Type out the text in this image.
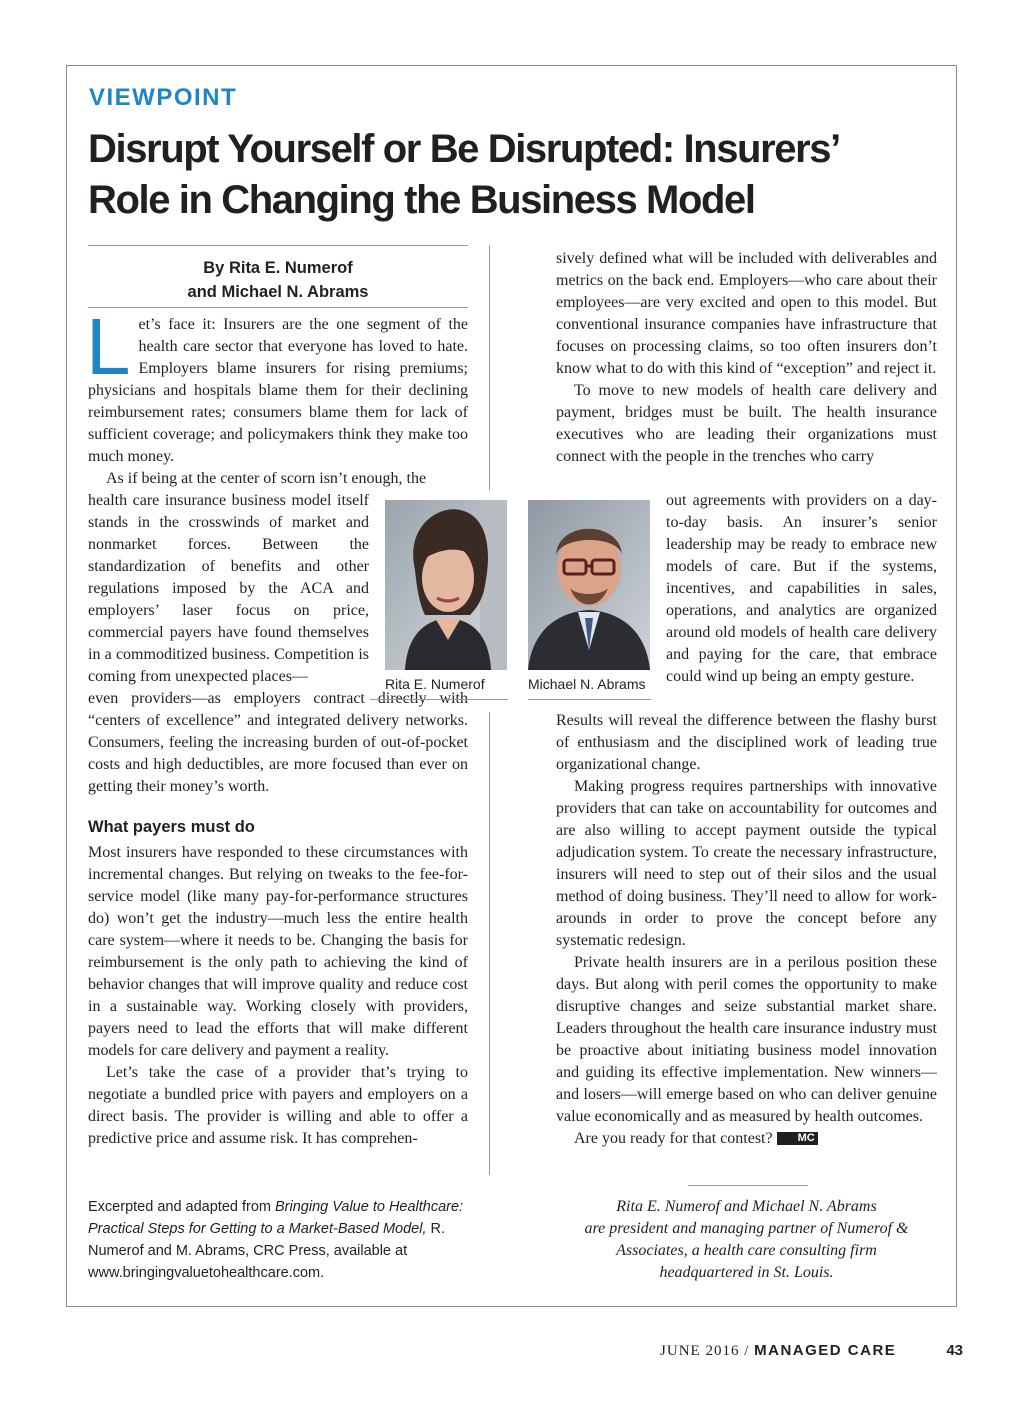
VIEWPOINT
Disrupt Yourself or Be Disrupted: Insurers’ Role in Changing the Business Model
By Rita E. Numerof
and Michael N. Abrams

Let’s face it: Insurers are the one segment of the health care sector that everyone has loved to hate. Employers blame insurers for rising premiums; physicians and hospitals blame them for their declining reimbursement rates; consumers blame them for lack of sufficient coverage; and policymakers think they make too much money.

As if being at the center of scorn isn’t enough, the

health care insurance business model itself stands in the crosswinds of market and nonmarket forces. Between the standardization of benefits and other regulations imposed by the ACA and employers’ laser focus on price, commercial payers have found themselves in a commoditized business. Competition is coming from unexpected places—

even providers—as employers contract directly with “centers of excellence” and integrated delivery networks. Consumers, feeling the increasing burden of out-of-pocket costs and high deductibles, are more focused than ever on getting their money’s worth.

What payers must do

Most insurers have responded to these circumstances with incremental changes. But relying on tweaks to the fee-for-service model (like many pay-for-performance structures do) won’t get the industry—much less the entire health care system—where it needs to be. Changing the basis for reimbursement is the only path to achieving the kind of behavior changes that will improve quality and reduce cost in a sustainable way. Working closely with providers, payers need to lead the efforts that will make different models for care delivery and payment a reality.

Let’s take the case of a provider that’s trying to negotiate a bundled price with payers and employers on a direct basis. The provider is willing and able to offer a predictive price and assume risk. It has comprehen-

Rita E. Numerof	Michael N. Abrams

sively defined what will be included with deliverables and metrics on the back end. Employers—who care about their employees—are very excited and open to this model. But conventional insurance companies have infrastructure that focuses on processing claims, so too often insurers don’t know what to do with this kind of “exception” and reject it.

To move to new models of health care delivery and payment, bridges must be built. The health insurance executives who are leading their organizations must connect with the people in the trenches who carry

out agreements with providers on a day-to-day basis. An insurer’s senior leadership may be ready to embrace new models of care. But if the systems, incentives, and capabilities in sales, operations, and analytics are organized around old models of health care delivery and paying for the care, that embrace could wind up being an empty gesture.

Results will reveal the difference between the flashy burst of enthusiasm and the disciplined work of leading true organizational change.

Making progress requires partnerships with innovative providers that can take on accountability for outcomes and are also willing to accept payment outside the typical adjudication system. To create the necessary infrastructure, insurers will need to step out of their silos and the usual method of doing business. They’ll need to allow for work-arounds in order to prove the concept before any systematic redesign.

Private health insurers are in a perilous position these days. But along with peril comes the opportunity to make disruptive changes and seize substantial market share. Leaders throughout the health care insurance industry must be proactive about initiating business model innovation and guiding its effective implementation. New winners—and losers—will emerge based on who can deliver genuine value economically and as measured by health outcomes.

Are you ready for that contest? MC

Excerpted and adapted from Bringing Value to Healthcare: Practical Steps for Getting to a Market-Based Model, R. Numerof and M. Abrams, CRC Press, available at www.bringingvaluetohealthcare.com.
Rita E. Numerof and Michael N. Abrams
are president and managing partner of Numerof &
Associates, a health care consulting firm
headquartered in St. Louis.
JUNE 2016 / MANAGED CARE	43
